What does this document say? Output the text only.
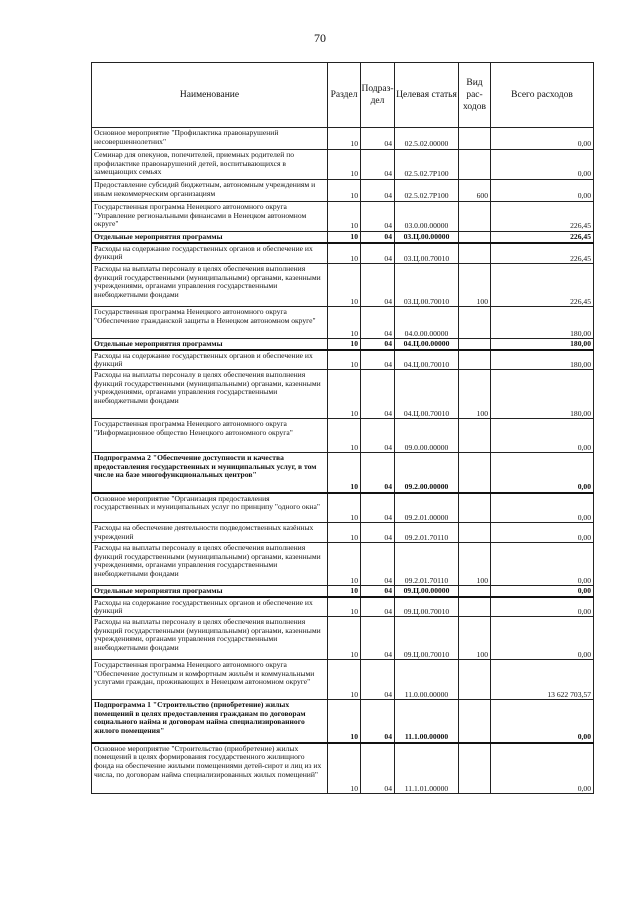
70
Наименование	Раздел	Подраз-дел	Целевая статья	Вид рас-ходов	Всего расходов
Основное мероприятие "Профилактика правонарушений несовершеннолетних"	10	04	02.5.02.00000		0,00
Семинар для опекунов, попечителей, приемных родителей по профилактике правонарушений детей, воспитывающихся в замещающих семьях	10	04	02.5.02.7Р100		0,00
Предоставление субсидий бюджетным, автономным учреждениям и иным некоммерческим организациям	10	04	02.5.02.7Р100	600	0,00
Государственная программа Ненецкого автономного округа "Управление региональными финансами в Ненецком автономном округе"	10	04	03.0.00.00000		226,45
Отдельные мероприятия программы	10	04	03.Ц.00.00000		226,45
Расходы на содержание государственных органов и обеспечение их функций	10	04	03.Ц.00.70010		226,45
Расходы на выплаты персоналу в целях обеспечения выполнения функций государственными (муниципальными) органами, казенными учреждениями, органами управления государственными внебюджетными фондами	10	04	03.Ц.00.70010	100	226,45
Государственная программа Ненецкого автономного округа "Обеспечение гражданской защиты в Ненецком автономном округе"	10	04	04.0.00.00000		180,00
Отдельные мероприятия программы	10	04	04.Ц.00.00000		180,00
Расходы на содержание государственных органов и обеспечение их функций	10	04	04.Ц.00.70010		180,00
Расходы на выплаты персоналу в целях обеспечения выполнения функций государственными (муниципальными) органами, казенными учреждениями, органами управления государственными внебюджетными фондами	10	04	04.Ц.00.70010	100	180,00
Государственная программа Ненецкого автономного округа "Информационное общество Ненецкого автономного округа"	10	04	09.0.00.00000		0,00
Подпрограмма 2 "Обеспечение доступности и качества предоставления государственных и муниципальных услуг, в том числе на базе многофункциональных центров"	10	04	09.2.00.00000		0,00
Основное мероприятие "Организация предоставления государственных и муниципальных услуг по принципу "одного окна"	10	04	09.2.01.00000		0,00
Расходы на обеспечение деятельности подведомственных казённых учреждений	10	04	09.2.01.70110		0,00
Расходы на выплаты персоналу в целях обеспечения выполнения функций государственными (муниципальными) органами, казенными учреждениями, органами управления государственными внебюджетными фондами	10	04	09.2.01.70110	100	0,00
Отдельные мероприятия программы	10	04	09.Ц.00.00000		0,00
Расходы на содержание государственных органов и обеспечение их функций	10	04	09.Ц.00.70010		0,00
Расходы на выплаты персоналу в целях обеспечения выполнения функций государственными (муниципальными) органами, казенными учреждениями, органами управления государственными внебюджетными фондами	10	04	09.Ц.00.70010	100	0,00
Государственная программа Ненецкого автономного округа "Обеспечение доступным и комфортным жильём и коммунальными услугами граждан, проживающих в Ненецком автономном округе"	10	04	11.0.00.00000		13 622 703,57
Подпрограмма 1 "Строительство (приобретение) жилых помещений в целях предоставления гражданам по договорам социального найма и договорам найма специализированного жилого помещения"	10	04	11.1.00.00000		0,00
Основное мероприятие "Строительство (приобретение) жилых помещений в целях формирования государственного жилищного фонда на обеспечение жилыми помещениями детей-сирот и лиц из их числа, по договорам найма специализированных жилых помещений"	10	04	11.1.01.00000		0,00
